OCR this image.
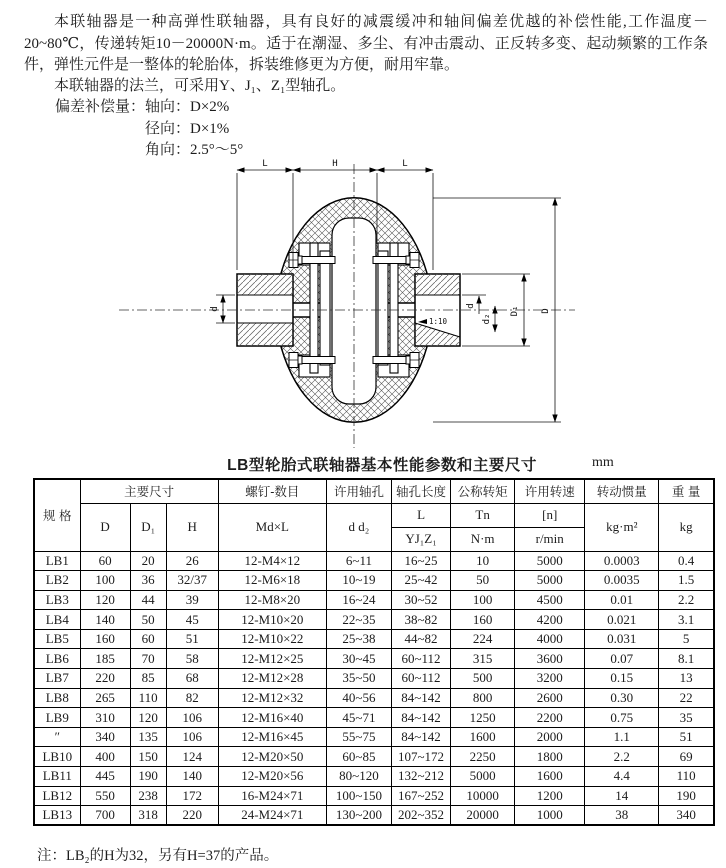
本联轴器是一种高弹性联轴器，具有良好的减震缓冲和轴间偏差优越的补偿性能,工作温度－20~80℃，传递转矩10－20000N·m。适于在潮湿、多尘、有冲击震动、正反转多变、起动频繁的工作条件，弹性元件是一整体的轮胎体，拆装维修更为方便，耐用牢靠。

本联轴器的法兰，可采用Y、J₁、Z₁型轴孔。

偏差补偿量：轴向：D×2%
径向：D×1%
角向：2.5°～5°
1:10
L	H	L
d
d
d₂
D₁ D
LB型轮胎式联轴器基本性能参数和主要尺寸	mm
规 格	主要尺寸			螺钉-数目	许用轴孔	轴孔长度	公称转矩	许用转速	转动惯量	重 量
	D	D₁	H	Md×L	d d₂	L	Tn	[n]	kg·m²	kg
						YJ₁Z₁	N·m	r/min		
LB1	60	20	26	12-M4×12	6~11	16~25	10	5000	0.0003	0.4
LB2	100	36	32/37	12-M6×18	10~19	25~42	50	5000	0.0035	1.5
LB3	120	44	39	12-M8×20	16~24	30~52	100	4500	0.01	2.2
LB4	140	50	45	12-M10×20	22~35	38~82	160	4200	0.021	3.1
LB5	160	60	51	12-M10×22	25~38	44~82	224	4000	0.031	5
LB6	185	70	58	12-M12×25	30~45	60~112	315	3600	0.07	8.1
LB7	220	85	68	12-M12×28	35~50	60~112	500	3200	0.15	13
LB8	265	110	82	12-M12×32	40~56	84~142	800	2600	0.30	22
LB9	310	120	106	12-M16×40	45~71	84~142	1250	2200	0.75	35
″	340	135	106	12-M16×45	55~75	84~142	1600	2000	1.1	51
LB10	400	150	124	12-M20×50	60~85	107~172	2250	1800	2.2	69
LB11	445	190	140	12-M20×56	80~120	132~212	5000	1600	4.4	110
LB12	550	238	172	16-M24×71	100~150	167~252	10000	1200	14	190
LB13	700	318	220	24-M24×71	130~200	202~352	20000	1000	38	340
注：LB₂的H为32，另有H=37的产品。
